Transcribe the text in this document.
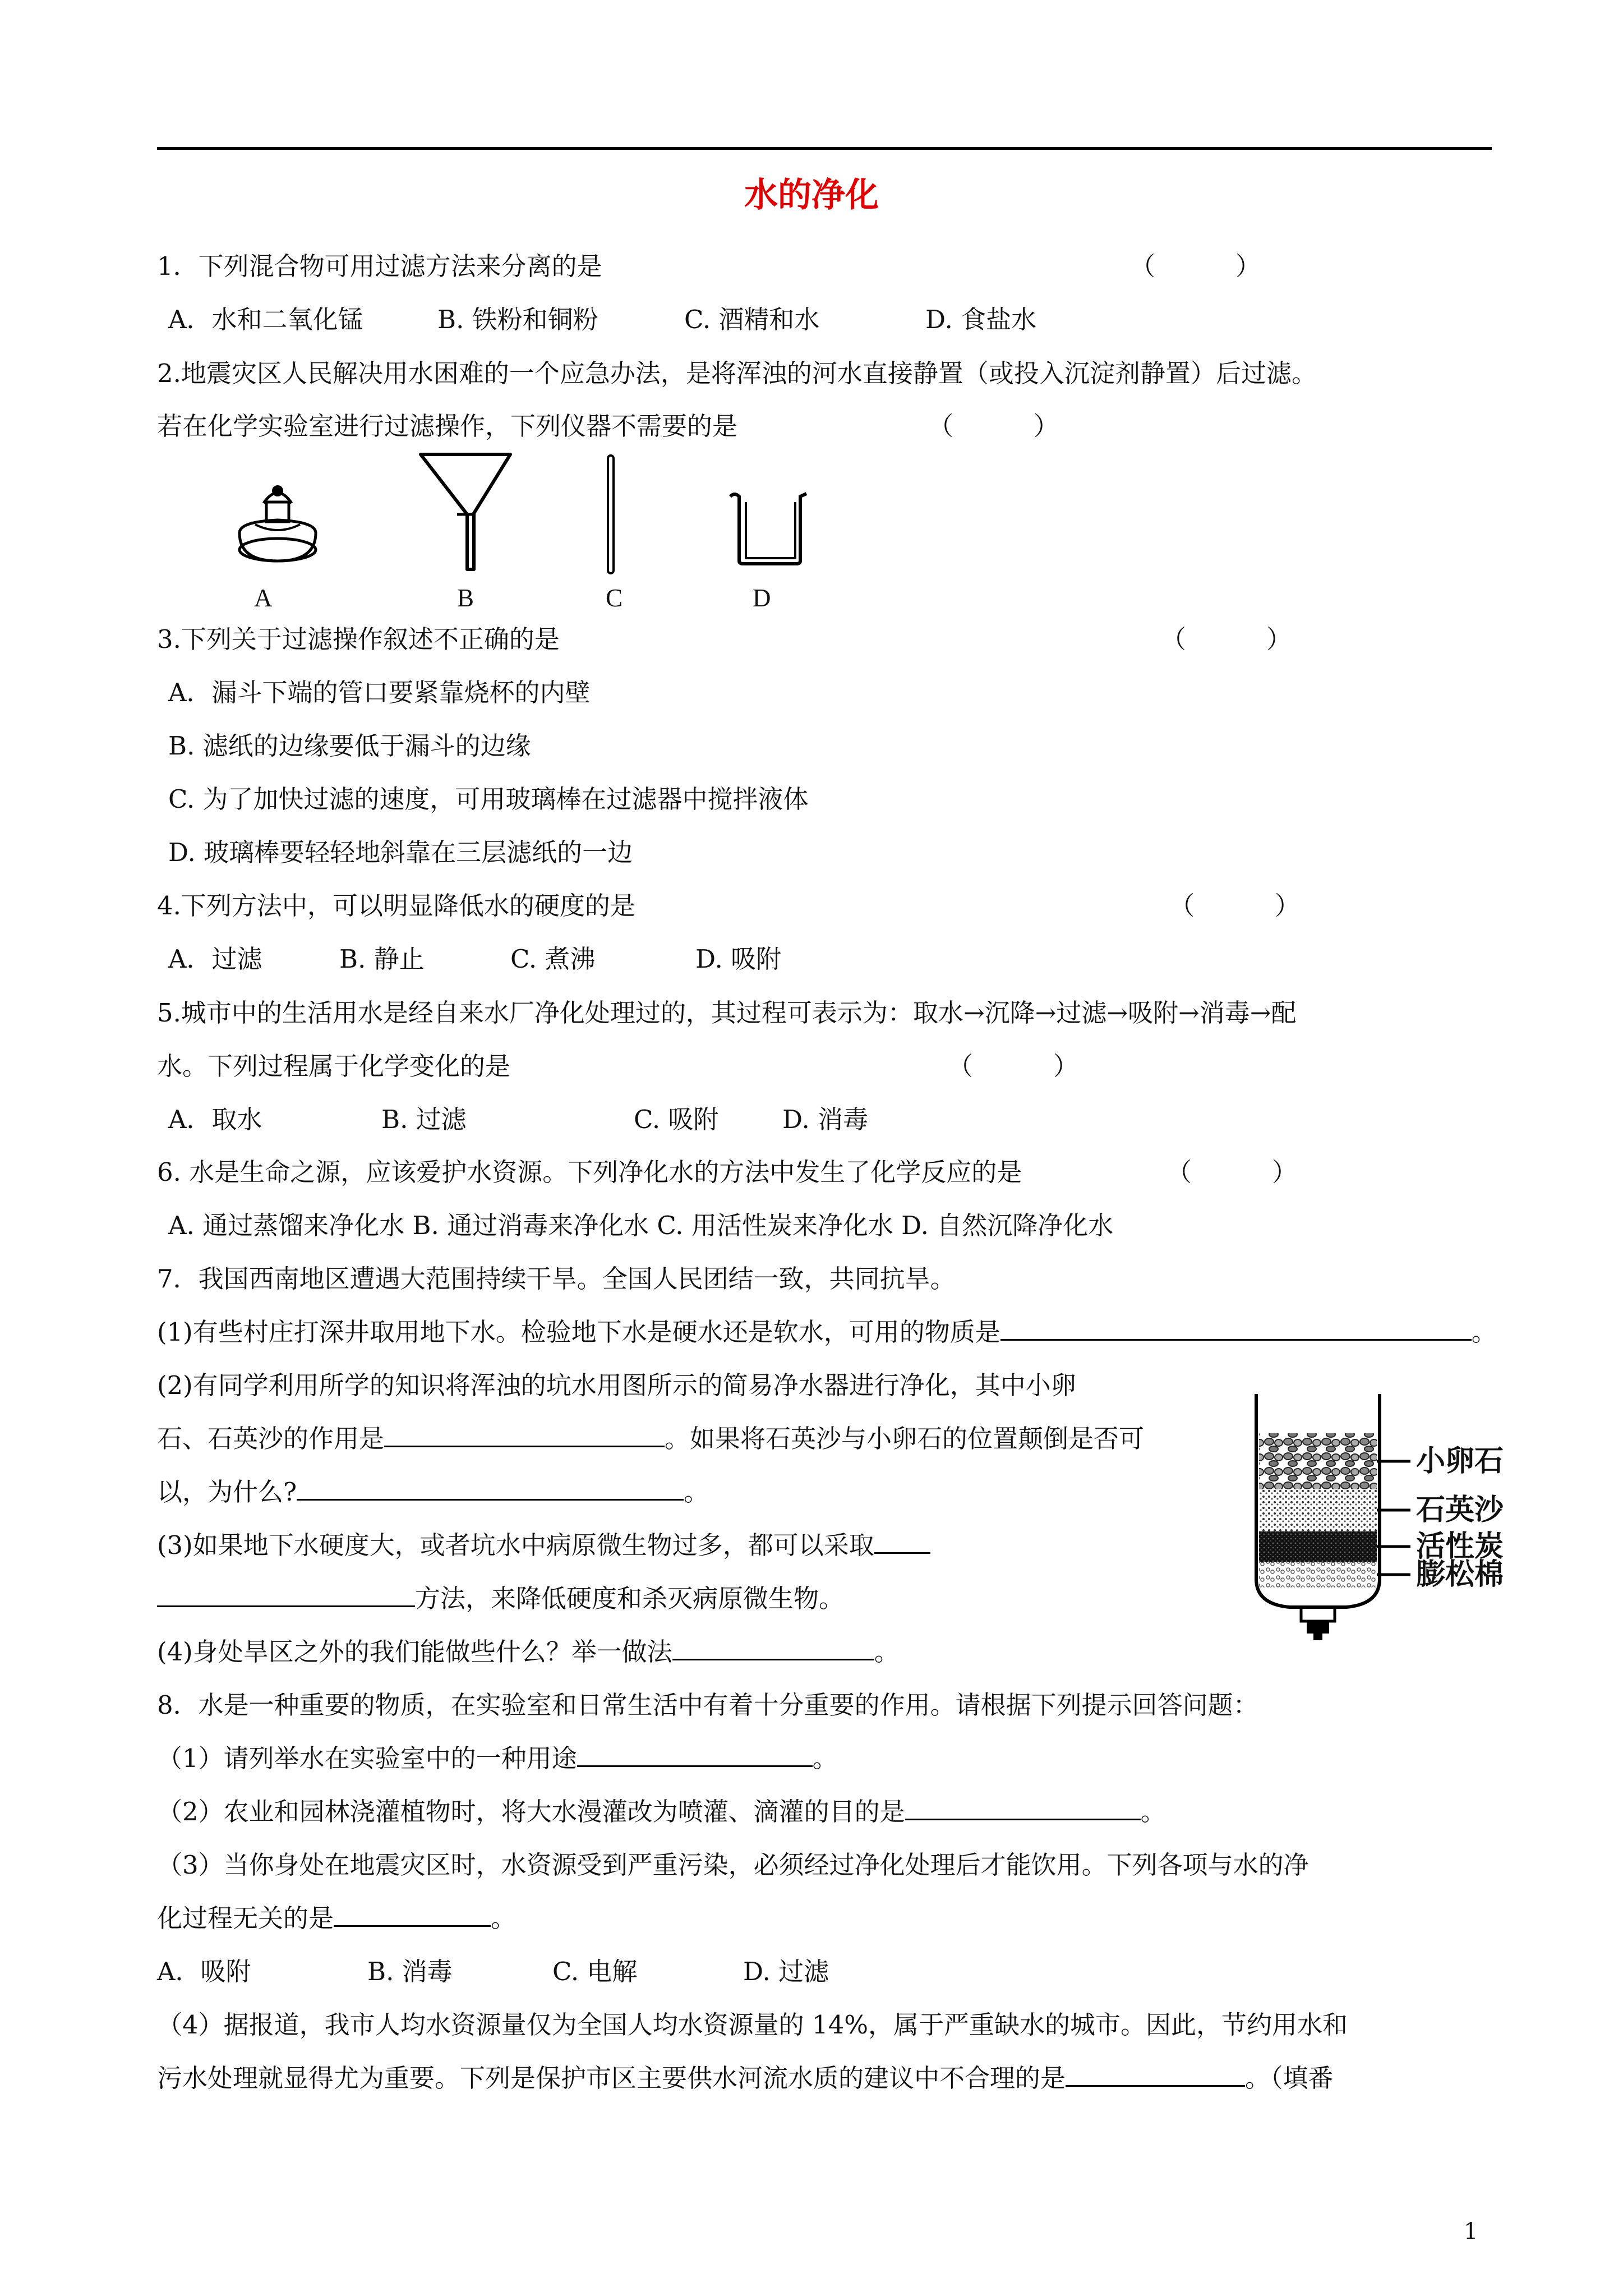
水的净化
1．下列混合物可用过滤方法来分离的是	（          ）
A．水和二氧化锰	B. 铁粉和铜粉	C. 酒精和水	D. 食盐水
2.地震灾区人民解决用水困难的一个应急办法，是将浑浊的河水直接静置（或投入沉淀剂静置）后过滤。
若在化学实验室进行过滤操作，下列仪器不需要的是	（          ）
A	B	C	D
3.下列关于过滤操作叙述不正确的是	（          ）
A．漏斗下端的管口要紧靠烧杯的内壁
B. 滤纸的边缘要低于漏斗的边缘
C. 为了加快过滤的速度，可用玻璃棒在过滤器中搅拌液体
D. 玻璃棒要轻轻地斜靠在三层滤纸的一边
4.下列方法中，可以明显降低水的硬度的是	（          ）
A．过滤	B. 静止	C. 煮沸	D. 吸附
5.城市中的生活用水是经自来水厂净化处理过的，其过程可表示为：取水→沉降→过滤→吸附→消毒→配
水。下列过程属于化学变化的是	（          ）
A．取水	B. 过滤	C. 吸附	D. 消毒
6. 水是生命之源，应该爱护水资源。下列净化水的方法中发生了化学反应的是	（          ）
A. 通过蒸馏来净化水 B. 通过消毒来净化水 C. 用活性炭来净化水 D. 自然沉降净化水
7．我国西南地区遭遇大范围持续干旱。全国人民团结一致，共同抗旱。
(1)有些村庄打深井取用地下水。检验地下水是硬水还是软水，可用的物质是	。
(2)有同学利用所学的知识将浑浊的坑水用图所示的简易净水器进行净化，其中小卵
石、石英沙的作用是	。如果将石英沙与小卵石的位置颠倒是否可
以，为什么?	。
(3)如果地下水硬度大，或者坑水中病原微生物过多，都可以采取
方法，来降低硬度和杀灭病原微生物。
(4)身处旱区之外的我们能做些什么？举一做法	。
小卵石
石英沙
活性炭
膨松棉
8．水是一种重要的物质，在实验室和日常生活中有着十分重要的作用。请根据下列提示回答问题：
（1）请列举水在实验室中的一种用途	。
（2）农业和园林浇灌植物时，将大水漫灌改为喷灌、滴灌的目的是	。
（3）当你身处在地震灾区时，水资源受到严重污染，必须经过净化处理后才能饮用。下列各项与水的净
化过程无关的是	。
A．吸附	B. 消毒	C. 电解	D. 过滤
（4）据报道，我市人均水资源量仅为全国人均水资源量的 14%，属于严重缺水的城市。因此，节约用水和
污水处理就显得尤为重要。下列是保护市区主要供水河流水质的建议中不合理的是	。（填番
1
